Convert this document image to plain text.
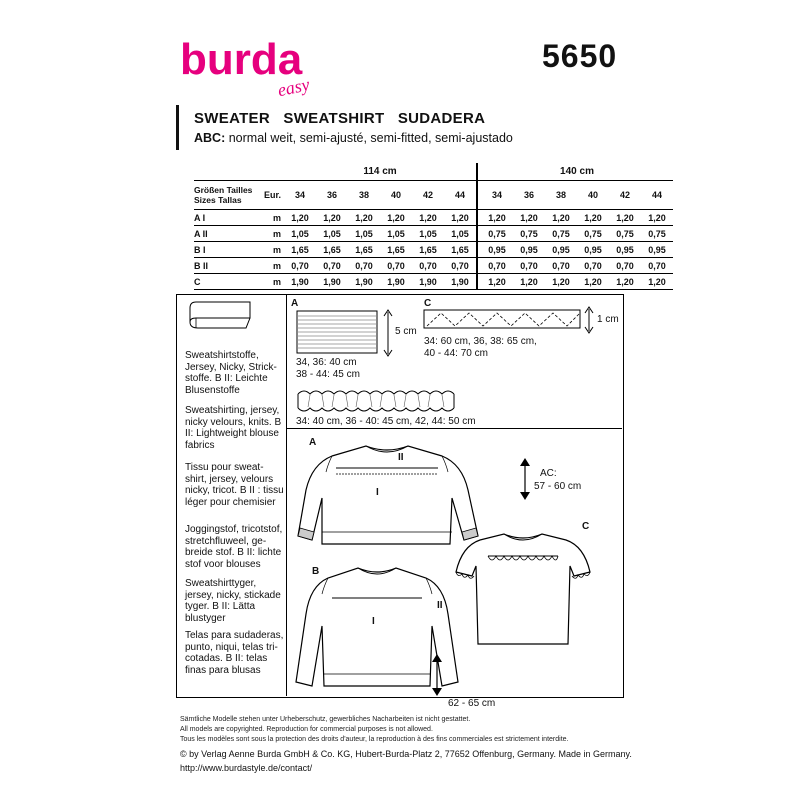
burda
easy
5650
SWEATER   SWEATSHIRT   SUDADERA
ABC: normal weit, semi-ajusté, semi-fitted, semi-ajustado
		114 cm							140 cm					
Größen Tailles
Sizes Tallas	Eur.	34	36	38	40	42	44		34	36	38	40	42	44
A I	m	1,20	1,20	1,20	1,20	1,20	1,20		1,20	1,20	1,20	1,20	1,20	1,20
A II	m	1,05	1,05	1,05	1,05	1,05	1,05		0,75	0,75	0,75	0,75	0,75	0,75
B I	m	1,65	1,65	1,65	1,65	1,65	1,65		0,95	0,95	0,95	0,95	0,95	0,95
B II	m	0,70	0,70	0,70	0,70	0,70	0,70		0,70	0,70	0,70	0,70	0,70	0,70
C	m	1,90	1,90	1,90	1,90	1,90	1,90		1,20	1,20	1,20	1,20	1,20	1,20
Sweatshirtstoffe, Jersey, Nicky, Strick-stoffe. B II: Leichte Blusenstoffe
Sweatshirting, jersey, nicky velours, knits. B II: Lightweight blouse fabrics
Tissu pour sweat-shirt, jersey, velours nicky, tricot. B II : tissu léger pour chemisier
Joggingstof, tricotstof, stretchfluweel, ge-breide stof. B II: lichte stof voor blouses
Sweatshirttyger, jersey, nicky, stickade tyger. B II: Lätta blustyger
Telas para sudaderas, punto, niqui, telas tri-cotadas. B II: telas finas para blusas
A
5 cm
34, 36: 40 cm
38 - 44: 45 cm
34: 40 cm, 36 - 40: 45 cm, 42, 44: 50 cm
C
1 cm
34: 60 cm, 36, 38: 65 cm,
40 - 44: 70 cm
A
I
II
AC:
57 - 60 cm
C
B
I
II
62 - 65 cm
Sämtliche Modelle stehen unter Urheberschutz, gewerbliches Nacharbeiten ist nicht gestattet.
All models are copyrighted. Reproduction for commercial purposes is not allowed.
Tous les modèles sont sous la protection des droits d'auteur, la reproduction à des fins commerciales est strictement interdite.
© by Verlag Aenne Burda GmbH & Co. KG, Hubert-Burda-Platz 2, 77652 Offenburg, Germany. Made in Germany.
http://www.burdastyle.de/contact/
